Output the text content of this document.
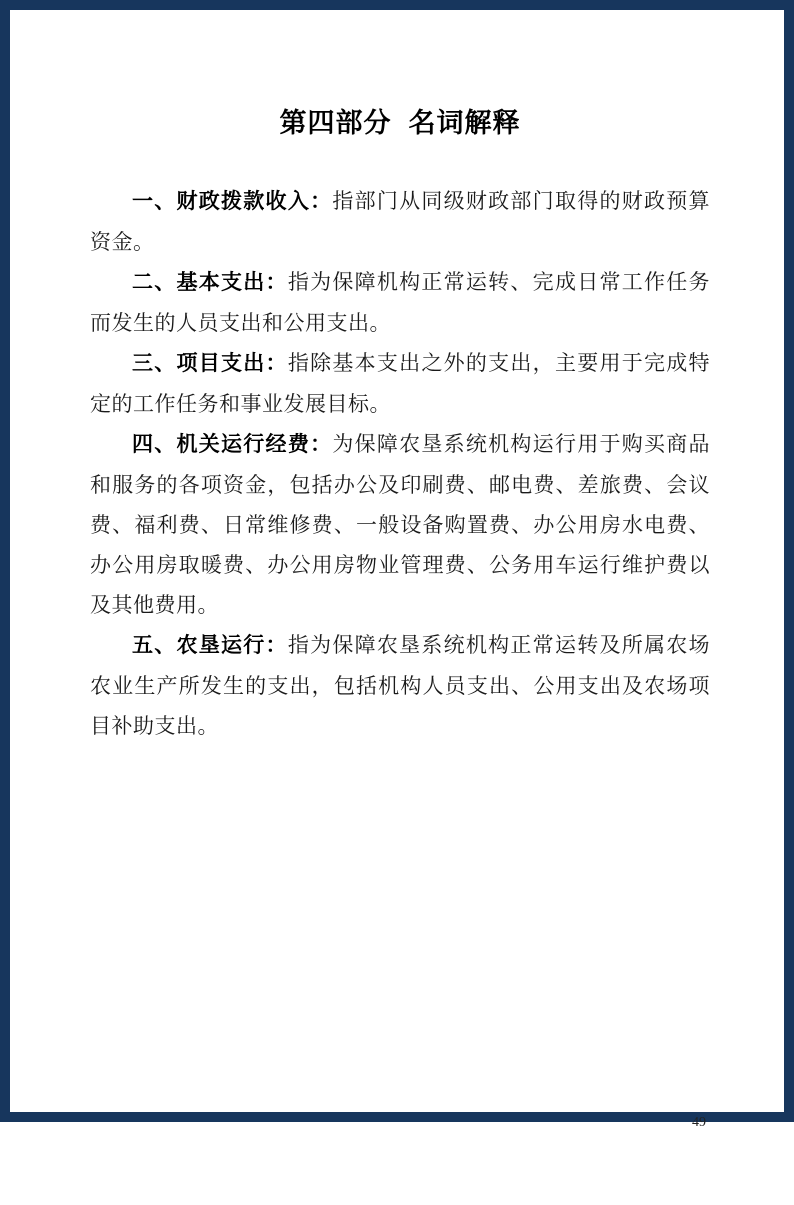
第四部分  名词解释

一、财政拨款收入：指部门从同级财政部门取得的财政预算资金。

二、基本支出：指为保障机构正常运转、完成日常工作任务而发生的人员支出和公用支出。

三、项目支出：指除基本支出之外的支出，主要用于完成特定的工作任务和事业发展目标。

四、机关运行经费：为保障农垦系统机构运行用于购买商品和服务的各项资金，包括办公及印刷费、邮电费、差旅费、会议费、福利费、日常维修费、一般设备购置费、办公用房水电费、办公用房取暖费、办公用房物业管理费、公务用车运行维护费以及其他费用。

五、农垦运行：指为保障农垦系统机构正常运转及所属农场农业生产所发生的支出，包括机构人员支出、公用支出及农场项目补助支出。

49
